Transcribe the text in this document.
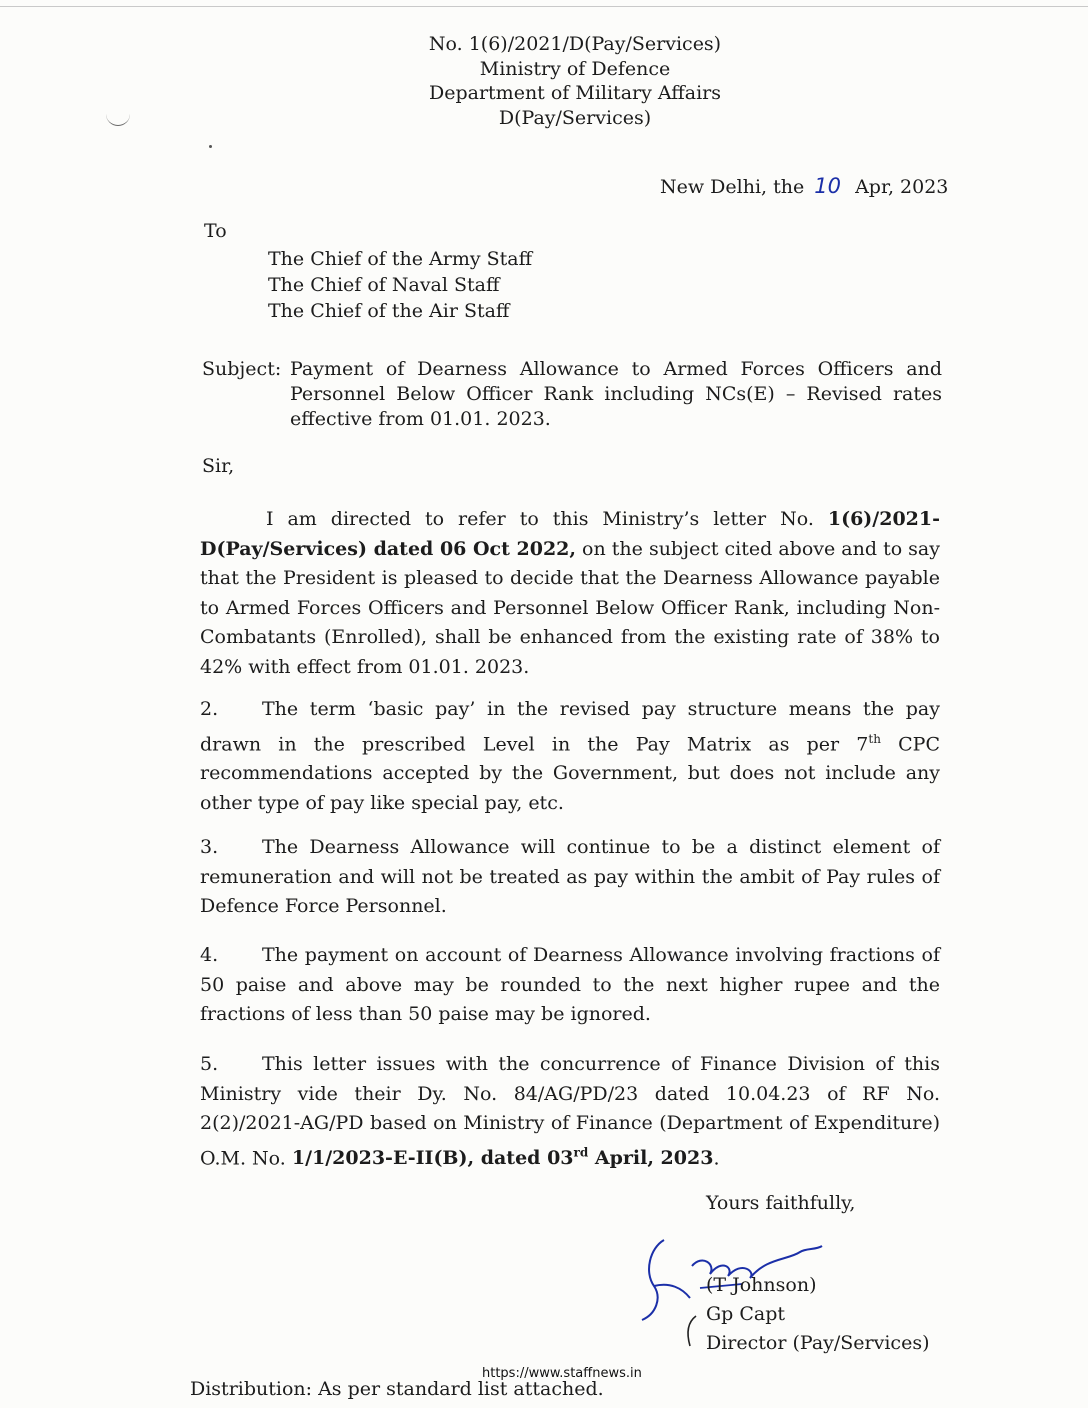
No. 1(6)/2021/D(Pay/Services)
Ministry of Defence
Department of Military Affairs
D(Pay/Services)
New Delhi, the 10 Apr, 2023
To
The Chief of the Army Staff
The Chief of Naval Staff
The Chief of the Air Staff
Subject: Payment of Dearness Allowance to Armed Forces Officers and Personnel Below Officer Rank including NCs(E) – Revised rates effective from 01.01. 2023.
Sir,
I am directed to refer to this Ministry’s letter No. 1(6)/2021-D(Pay/Services) dated 06 Oct 2022, on the subject cited above and to say that the President is pleased to decide that the Dearness Allowance payable to Armed Forces Officers and Personnel Below Officer Rank, including Non-Combatants (Enrolled), shall be enhanced from the existing rate of 38% to 42% with effect from 01.01. 2023.
2. The term ‘basic pay’ in the revised pay structure means the pay drawn in the prescribed Level in the Pay Matrix as per 7th CPC recommendations accepted by the Government, but does not include any other type of pay like special pay, etc.
3. The Dearness Allowance will continue to be a distinct element of remuneration and will not be treated as pay within the ambit of Pay rules of Defence Force Personnel.
4. The payment on account of Dearness Allowance involving fractions of 50 paise and above may be rounded to the next higher rupee and the fractions of less than 50 paise may be ignored.
5. This letter issues with the concurrence of Finance Division of this Ministry vide their Dy. No. 84/AG/PD/23 dated 10.04.23 of RF No. 2(2)/2021-AG/PD based on Ministry of Finance (Department of Expenditure) O.M. No. 1/1/2023-E-II(B), dated 03rd April, 2023.
Yours faithfully,
(T Johnson)
Gp Capt
Director (Pay/Services)
https://www.staffnews.in
Distribution: As per standard list attached.
